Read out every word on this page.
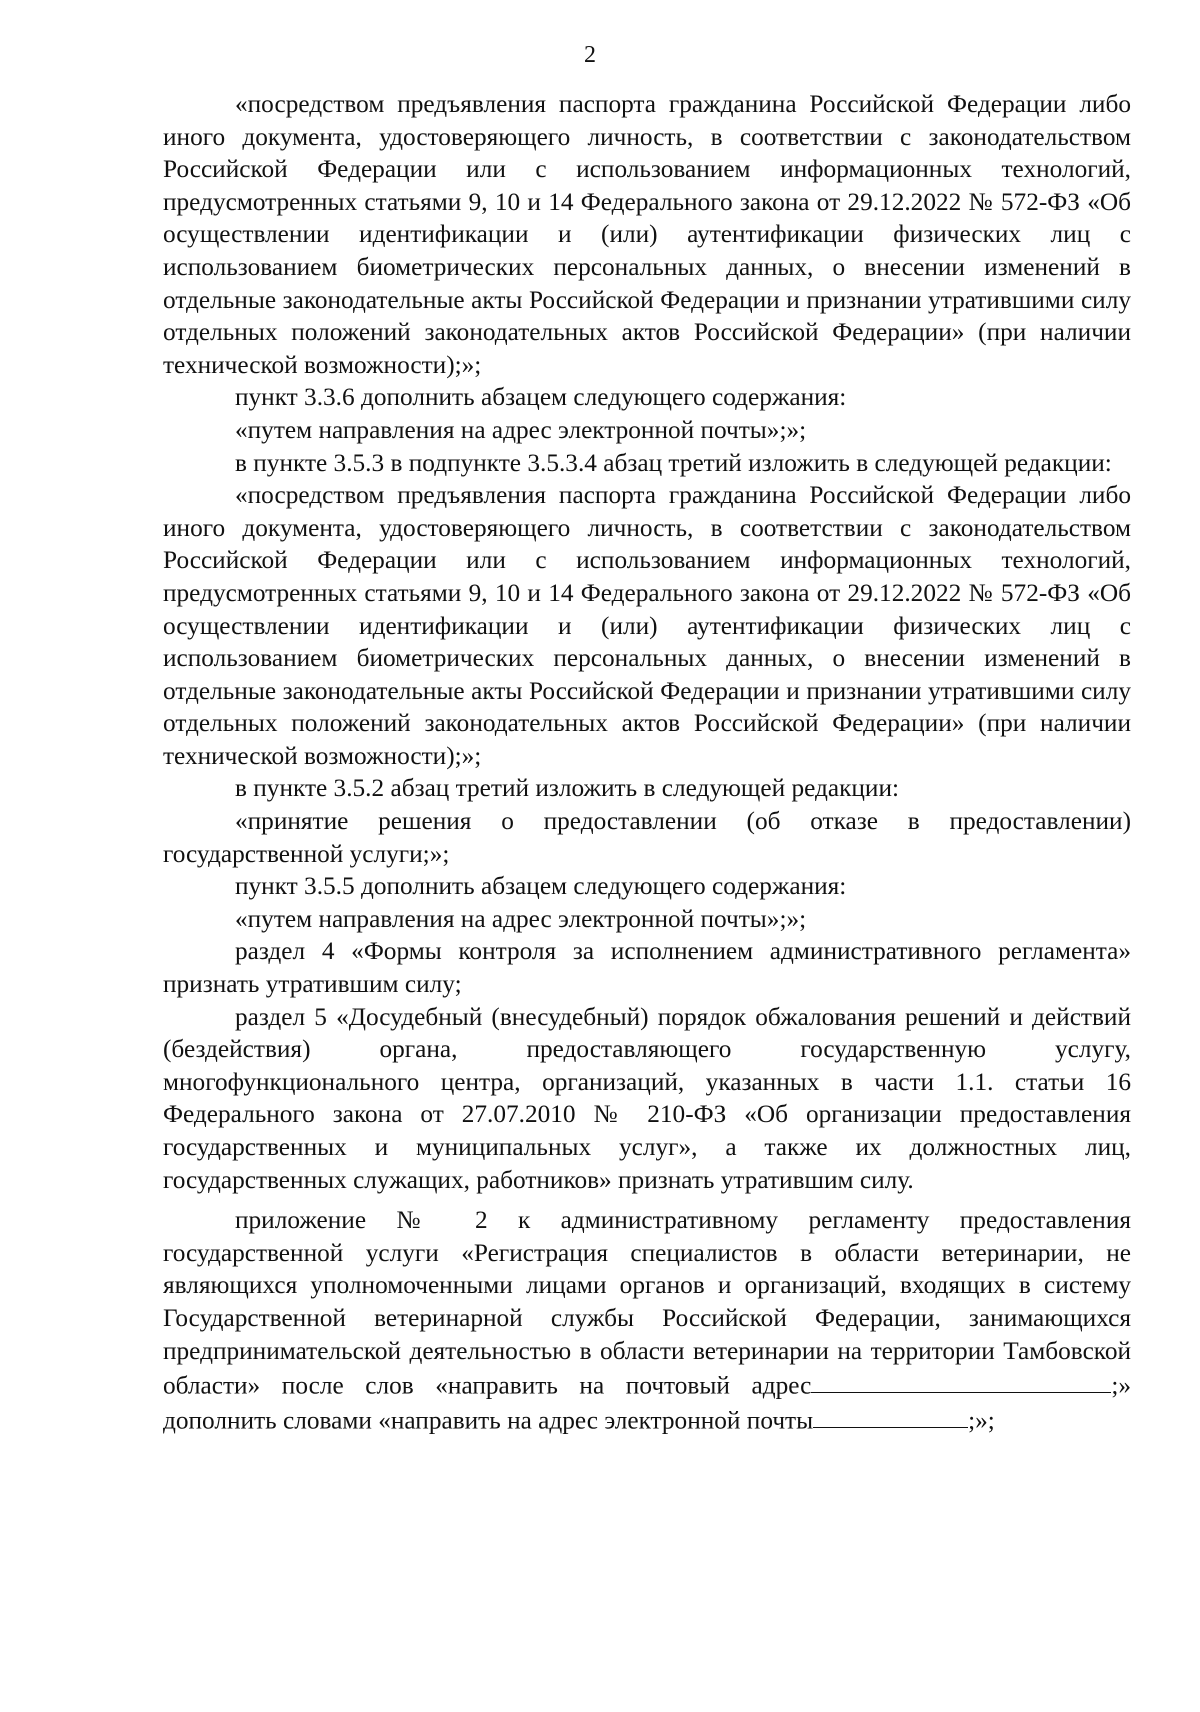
2

«посредством предъявления паспорта гражданина Российской Федерации либо иного документа, удостоверяющего личность, в соответствии с законодательством Российской Федерации или с использованием информационных технологий, предусмотренных статьями 9, 10 и 14 Федерального закона от 29.12.2022 № 572-ФЗ «Об осуществлении идентификации и (или) аутентификации физических лиц с использованием биометрических персональных данных, о внесении изменений в отдельные законодательные акты Российской Федерации и признании утратившими силу отдельных положений законодательных актов Российской Федерации» (при наличии технической возможности);»;

пункт 3.3.6 дополнить абзацем следующего содержания:

«путем направления на адрес электронной почты»;»;

в пункте 3.5.3 в подпункте 3.5.3.4 абзац третий изложить в следующей редакции:

«посредством предъявления паспорта гражданина Российской Федерации либо иного документа, удостоверяющего личность, в соответствии с законодательством Российской Федерации или с использованием информационных технологий, предусмотренных статьями 9, 10 и 14 Федерального закона от 29.12.2022 № 572-ФЗ «Об осуществлении идентификации и (или) аутентификации физических лиц с использованием биометрических персональных данных, о внесении изменений в отдельные законодательные акты Российской Федерации и признании утратившими силу отдельных положений законодательных актов Российской Федерации» (при наличии технической возможности);»;

в пункте 3.5.2 абзац третий изложить в следующей редакции:

«принятие решения о предоставлении (об отказе в предоставлении) государственной услуги;»;

пункт 3.5.5 дополнить абзацем следующего содержания:

«путем направления на адрес электронной почты»;»;

раздел 4 «Формы контроля за исполнением административного регламента» признать утратившим силу;

раздел 5 «Досудебный (внесудебный) порядок обжалования решений и действий (бездействия) органа, предоставляющего государственную услугу, многофункционального центра, организаций, указанных в части 1.1. статьи 16 Федерального закона от 27.07.2010 № 210-ФЗ «Об организации предоставления государственных и муниципальных услуг», а также их должностных лиц, государственных служащих, работников» признать утратившим силу.

приложение № 2 к административному регламенту предоставления государственной услуги «Регистрация специалистов в области ветеринарии, не являющихся уполномоченными лицами органов и организаций, входящих в систему Государственной ветеринарной службы Российской Федерации, занимающихся предпринимательской деятельностью в области ветеринарии на территории Тамбовской области» после слов «направить на почтовый адрес	;» дополнить словами «направить на адрес электронной почты	;»;
